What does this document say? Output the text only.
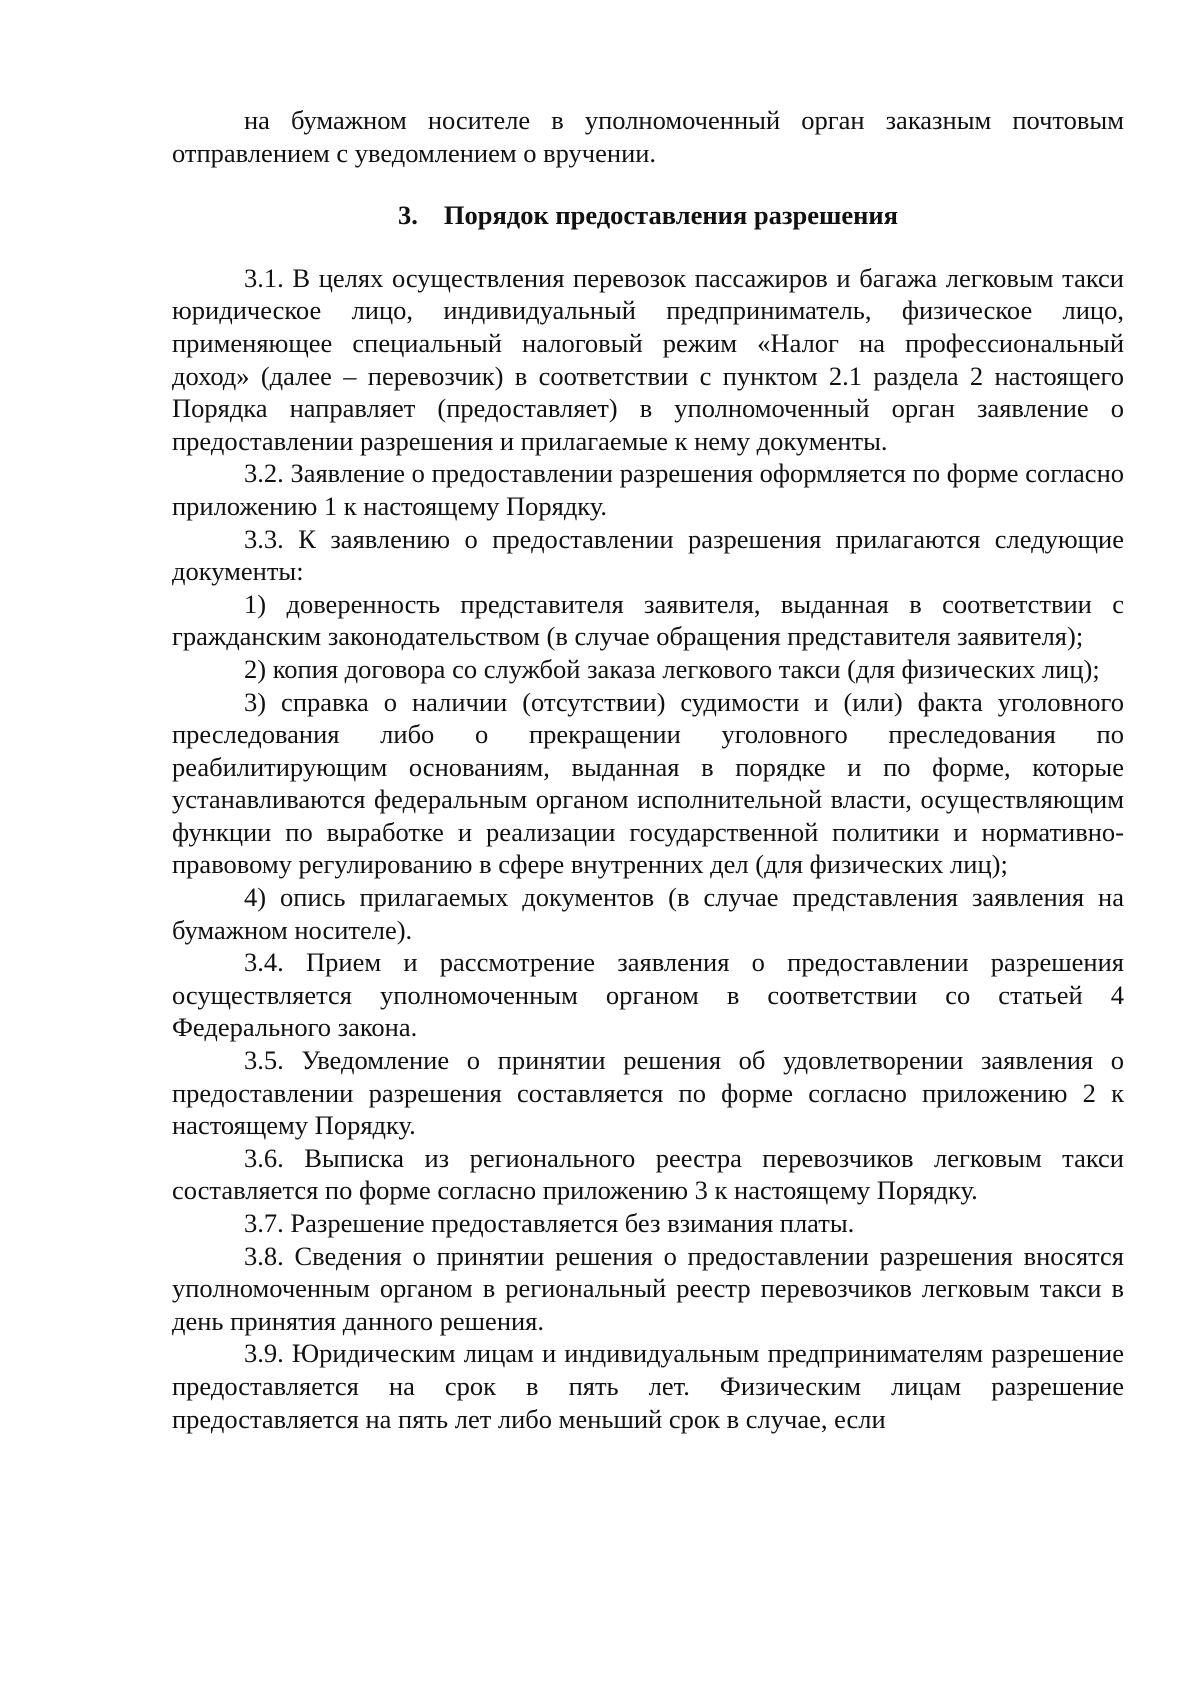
на бумажном носителе в уполномоченный орган заказным почтовым отправлением с уведомлением о вручении.

3. Порядок предоставления разрешения

3.1. В целях осуществления перевозок пассажиров и багажа легковым такси юридическое лицо, индивидуальный предприниматель, физическое лицо, применяющее специальный налоговый режим «Налог на профессиональный доход» (далее – перевозчик) в соответствии с пунктом 2.1 раздела 2 настоящего Порядка направляет (предоставляет) в уполномоченный орган заявление о предоставлении разрешения и прилагаемые к нему документы.

3.2. Заявление о предоставлении разрешения оформляется по форме согласно приложению 1 к настоящему Порядку.

3.3. К заявлению о предоставлении разрешения прилагаются следующие документы:

1) доверенность представителя заявителя, выданная в соответствии с гражданским законодательством (в случае обращения представителя заявителя);

2) копия договора со службой заказа легкового такси (для физических лиц);

3) справка о наличии (отсутствии) судимости и (или) факта уголовного преследования либо о прекращении уголовного преследования по реабилитирующим основаниям, выданная в порядке и по форме, которые устанавливаются федеральным органом исполнительной власти, осуществляющим функции по выработке и реализации государственной политики и нормативно-правовому регулированию в сфере внутренних дел (для физических лиц);

4) опись прилагаемых документов (в случае представления заявления на бумажном носителе).

3.4. Прием и рассмотрение заявления о предоставлении разрешения осуществляется уполномоченным органом в соответствии со статьей 4 Федерального закона.

3.5. Уведомление о принятии решения об удовлетворении заявления о предоставлении разрешения составляется по форме согласно приложению 2 к настоящему Порядку.

3.6. Выписка из регионального реестра перевозчиков легковым такси составляется по форме согласно приложению 3 к настоящему Порядку.

3.7. Разрешение предоставляется без взимания платы.

3.8. Сведения о принятии решения о предоставлении разрешения вносятся уполномоченным органом в региональный реестр перевозчиков легковым такси в день принятия данного решения.

3.9. Юридическим лицам и индивидуальным предпринимателям разрешение предоставляется на срок в пять лет. Физическим лицам разрешение предоставляется на пять лет либо меньший срок в случае, если
